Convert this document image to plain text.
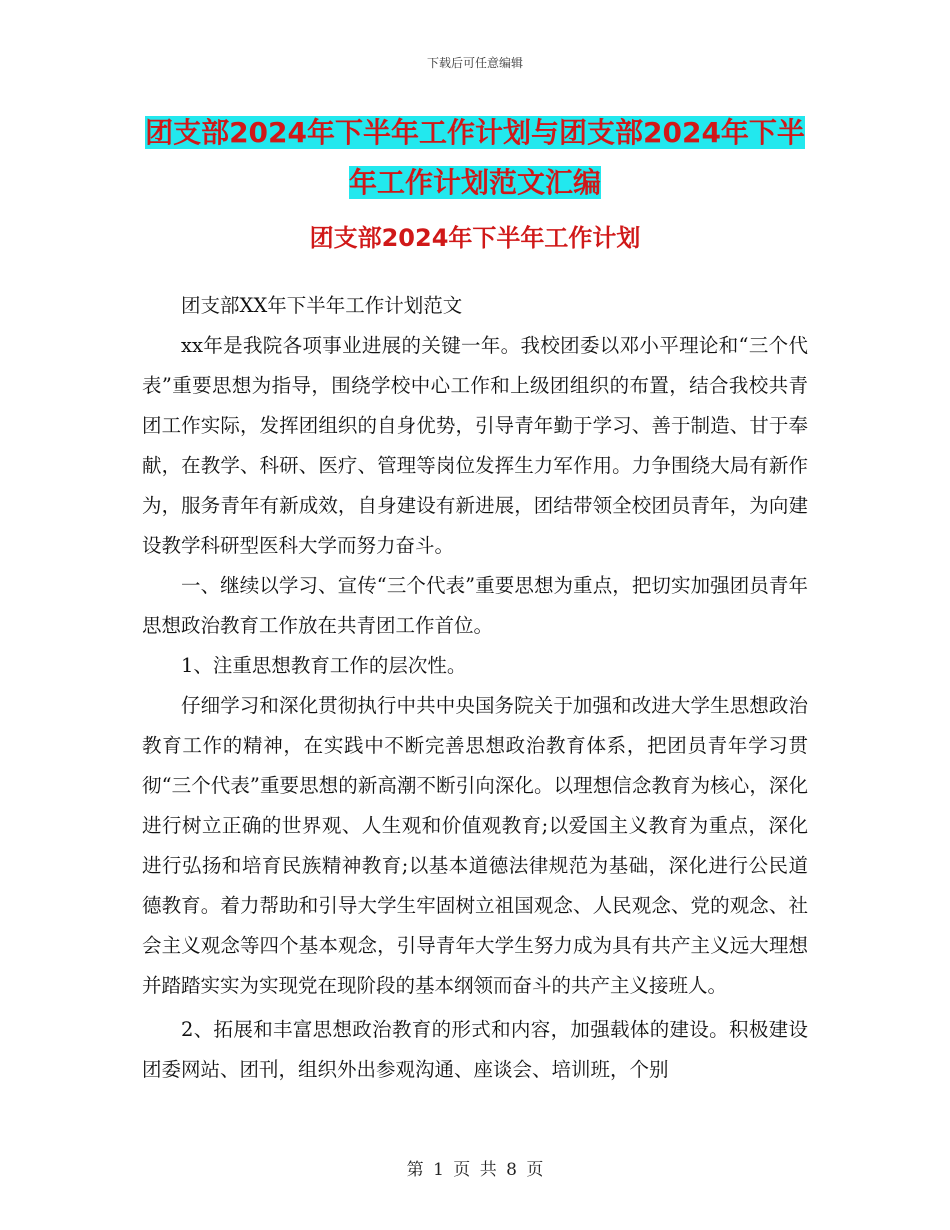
下载后可任意编辑
团支部2024年下半年工作计划与团支部2024年下半年工作计划范文汇编
团支部2024年下半年工作计划

团支部XX年下半年工作计划范文

xx年是我院各项事业进展的关键一年。我校团委以邓小平理论和“三个代表”重要思想为指导，围绕学校中心工作和上级团组织的布置，结合我校共青团工作实际，发挥团组织的自身优势，引导青年勤于学习、善于制造、甘于奉献，在教学、科研、医疗、管理等岗位发挥生力军作用。力争围绕大局有新作为，服务青年有新成效，自身建设有新进展，团结带领全校团员青年，为向建设教学科研型医科大学而努力奋斗。

一、继续以学习、宣传“三个代表”重要思想为重点，把切实加强团员青年思想政治教育工作放在共青团工作首位。

1、注重思想教育工作的层次性。

仔细学习和深化贯彻执行中共中央国务院关于加强和改进大学生思想政治教育工作的精神，在实践中不断完善思想政治教育体系，把团员青年学习贯彻“三个代表”重要思想的新高潮不断引向深化。以理想信念教育为核心，深化进行树立正确的世界观、人生观和价值观教育;以爱国主义教育为重点，深化进行弘扬和培育民族精神教育;以基本道德法律规范为基础，深化进行公民道德教育。着力帮助和引导大学生牢固树立祖国观念、人民观念、党的观念、社会主义观念等四个基本观念，引导青年大学生努力成为具有共产主义远大理想并踏踏实实为实现党在现阶段的基本纲领而奋斗的共产主义接班人。

2、拓展和丰富思想政治教育的形式和内容，加强载体的建设。积极建设团委网站、团刊，组织外出参观沟通、座谈会、培训班，个别

第 1 页 共 8 页
